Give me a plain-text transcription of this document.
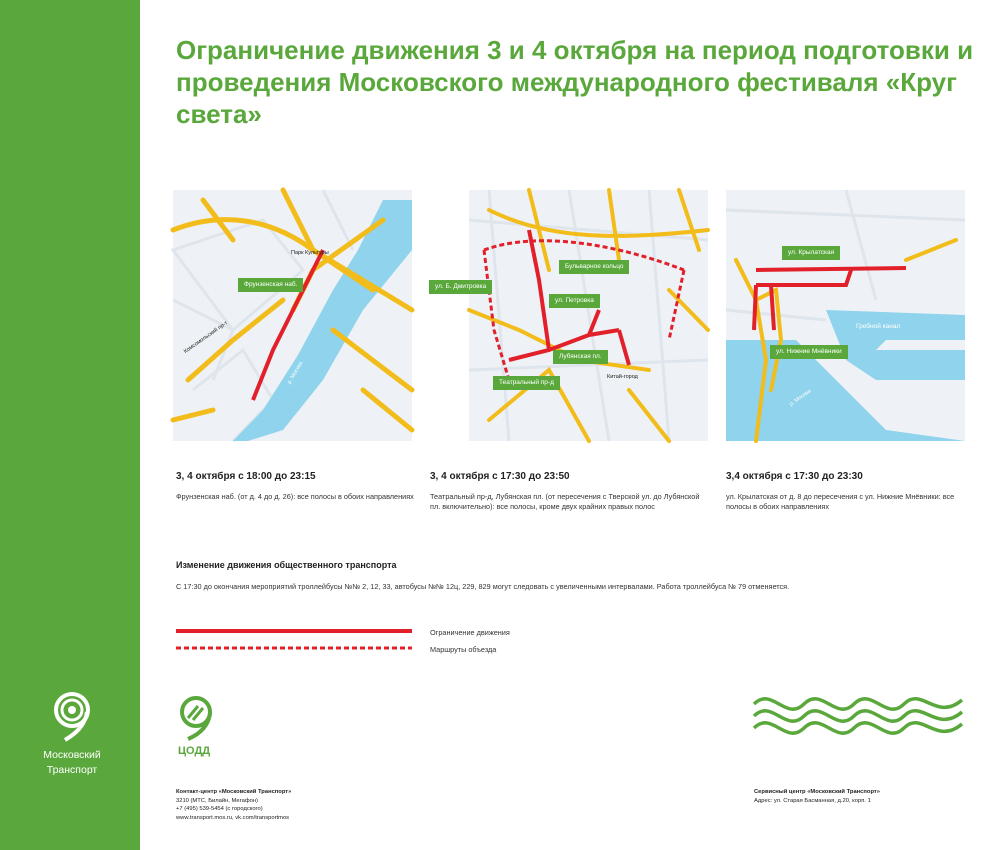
Московский
Транспорт
Ограничение движения 3 и 4 октября на период подготовки и проведения Московского международного фестиваля «Круг света»
Фрунзенская наб.
Парк Культуры
Комсомольский пр-т
р. Москва
ул. Б. Дмитровка
Бульварное кольцо
ул. Петровка
Лубянская пл.
Театральный пр-д
Китай-город
ул. Крылатская
ул. Нижние Мнёвники
Гребной канал
р. Москва
3, 4 октября с 18:00 до 23:15
Фрунзенская наб. (от д. 4 до д. 26): все полосы в обоих направлениях
3, 4 октября с 17:30 до 23:50
Театральный пр-д, Лубянская пл. (от пересечения с Тверской ул. до Лубянской пл. включительно): все полосы, кроме двух крайних правых полос
3,4 октября с 17:30 до 23:30
ул. Крылатская от д. 8 до пересечения с ул. Нижние Мнёвники: все полосы в обоих направлениях
Изменение движения общественного транспорта
С 17:30 до окончания мероприятий троллейбусы №№ 2, 12, 33, автобусы №№ 12ц, 229, 829 могут следовать с увеличенными интервалами. Работа троллейбуса № 79 отменяется.
Ограничение движения
Маршруты объезда
ЦОДД
Контакт-центр «Московский Транспорт»
3210 (МТС, Билайн, Мегафон)
+7 (495) 539-5454 (с городского)
www.transport.mos.ru, vk.com/transportmos
Сервисный центр «Московский Транспорт»
Адрес: ул. Старая Басманная, д.20, корп. 1
